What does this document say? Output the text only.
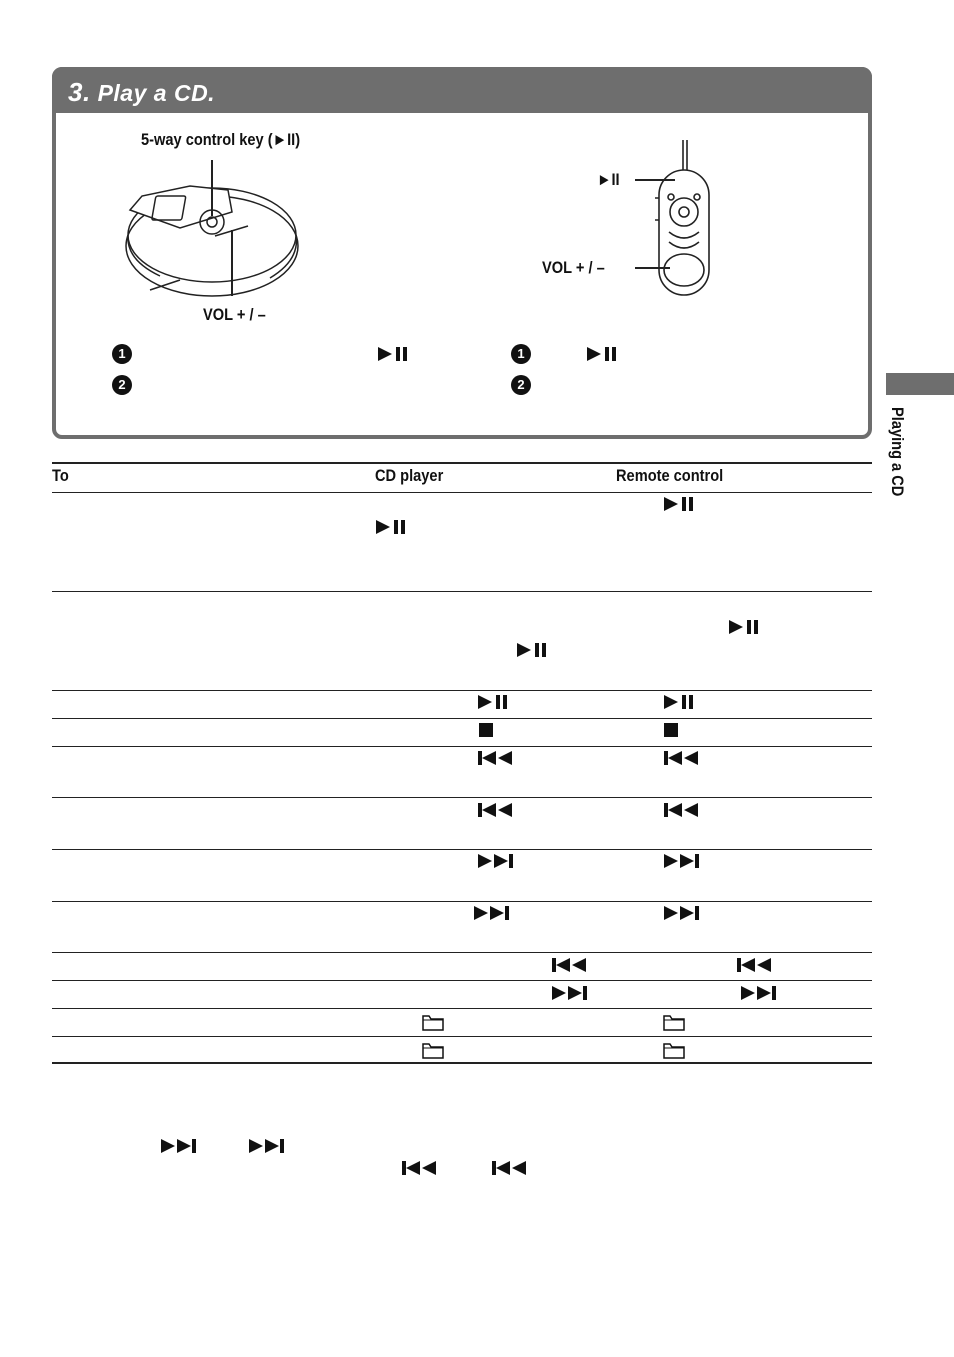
3. Play a CD.
5-way control key (►II)
VOL + / –
►II
VOL + / –
1
2
1
2
Playing a CD
To	CD player	Remote control
